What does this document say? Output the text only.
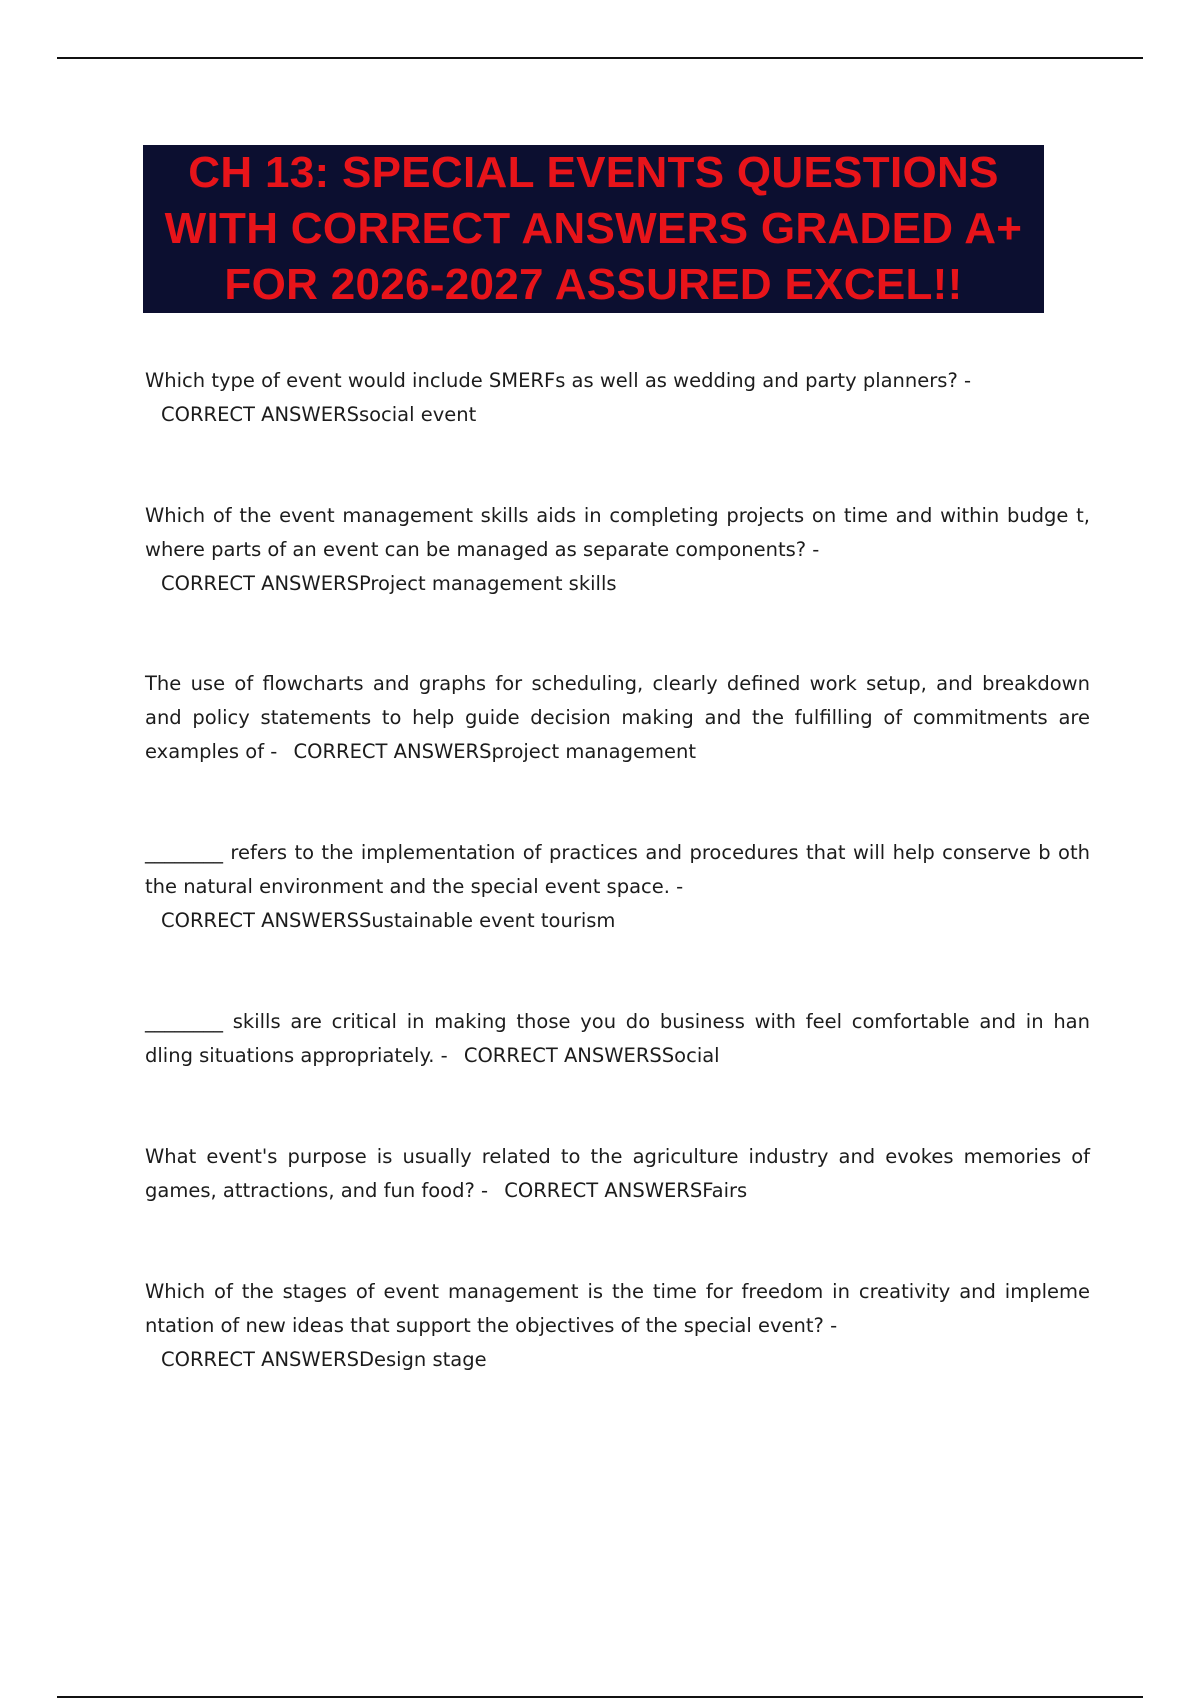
CH 13: SPECIAL EVENTS QUESTIONS WITH CORRECT ANSWERS GRADED A+ FOR 2026-2027 ASSURED EXCEL!!
Which type of event would include SMERFs as well as wedding and party planners? -
CORRECT ANSWERSsocial event
Which of the event management skills aids in completing projects on time and within budge t, where parts of an event can be managed as separate components? -
CORRECT ANSWERSProject management skills
The use of flowcharts and graphs for scheduling, clearly defined work setup, and breakdown and policy statements to help guide decision making and the fulfilling of commitments are examples of - CORRECT ANSWERSproject management
________ refers to the implementation of practices and procedures that will help conserve b oth the natural environment and the special event space. -
CORRECT ANSWERSSustainable event tourism
________ skills are critical in making those you do business with feel comfortable and in han dling situations appropriately. - CORRECT ANSWERSSocial
What event's purpose is usually related to the agriculture industry and evokes memories of games, attractions, and fun food? - CORRECT ANSWERSFairs
Which of the stages of event management is the time for freedom in creativity and impleme ntation of new ideas that support the objectives of the special event? -
CORRECT ANSWERSDesign stage
